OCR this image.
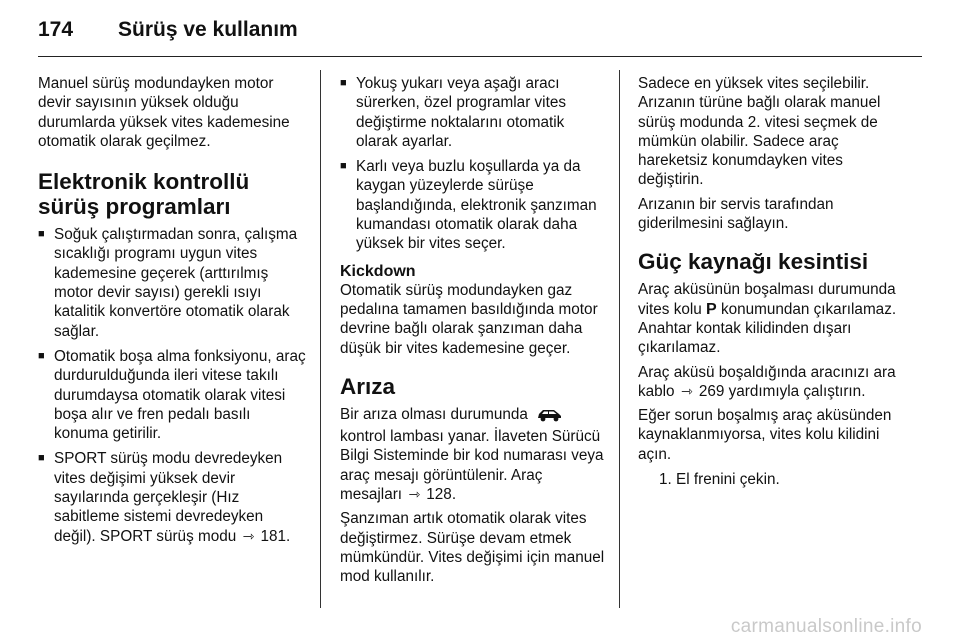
174	Sürüş ve kullanım

Manuel sürüş modundayken motor devir sayısının yüksek olduğu durumlarda yüksek vites kademesine otomatik olarak geçilmez.

Elektronik kontrollü sürüş programları
■ Soğuk çalıştırmadan sonra, çalışma sıcaklığı programı uygun vites kademesine geçerek (arttırılmış motor devir sayısı) gerekli ısıyı katalitik konvertöre otomatik olarak sağlar.
■ Otomatik boşa alma fonksiyonu, araç durdurulduğunda ileri vitese takılı durumdaysa otomatik olarak vitesi boşa alır ve fren pedalı basılı konuma getirilir.
■ SPORT sürüş modu devredeyken vites değişimi yüksek devir sayılarında gerçekleşir (Hız sabitleme sistemi devredeyken değil). SPORT sürüş modu ⇾ 181.
■ Yokuş yukarı veya aşağı aracı sürerken, özel programlar vites değiştirme noktalarını otomatik olarak ayarlar.
■ Karlı veya buzlu koşullarda ya da kaygan yüzeylerde sürüşe başlandığında, elektronik şanzıman kumandası otomatik olarak daha yüksek bir vites seçer.
Kickdown

Otomatik sürüş modundayken gaz pedalına tamamen basıldığında motor devrine bağlı olarak şanzıman daha düşük bir vites kademesine geçer.

Arıza

Bir arıza olması durumunda  kontrol lambası yanar. İlaveten Sürücü Bilgi Sisteminde bir kod numarası veya araç mesajı görüntülenir. Araç mesajları ⇾ 128.

Şanzıman artık otomatik olarak vites değiştirmez. Sürüşe devam etmek mümkündür. Vites değişimi için manuel mod kullanılır.

Sadece en yüksek vites seçilebilir. Arızanın türüne bağlı olarak manuel sürüş modunda 2. vitesi seçmek de mümkün olabilir. Sadece araç hareketsiz konumdayken vites değiştirin.

Arızanın bir servis tarafından giderilmesini sağlayın.

Güç kaynağı kesintisi

Araç aküsünün boşalması durumunda vites kolu P konumundan çıkarılamaz. Anahtar kontak kilidinden dışarı çıkarılamaz.

Araç aküsü boşaldığında aracınızı ara kablo ⇾ 269 yardımıyla çalıştırın.

Eğer sorun boşalmış araç aküsünden kaynaklanmıyorsa, vites kolu kilidini açın.

1. El frenini çekin.
carmanualsonline.info
